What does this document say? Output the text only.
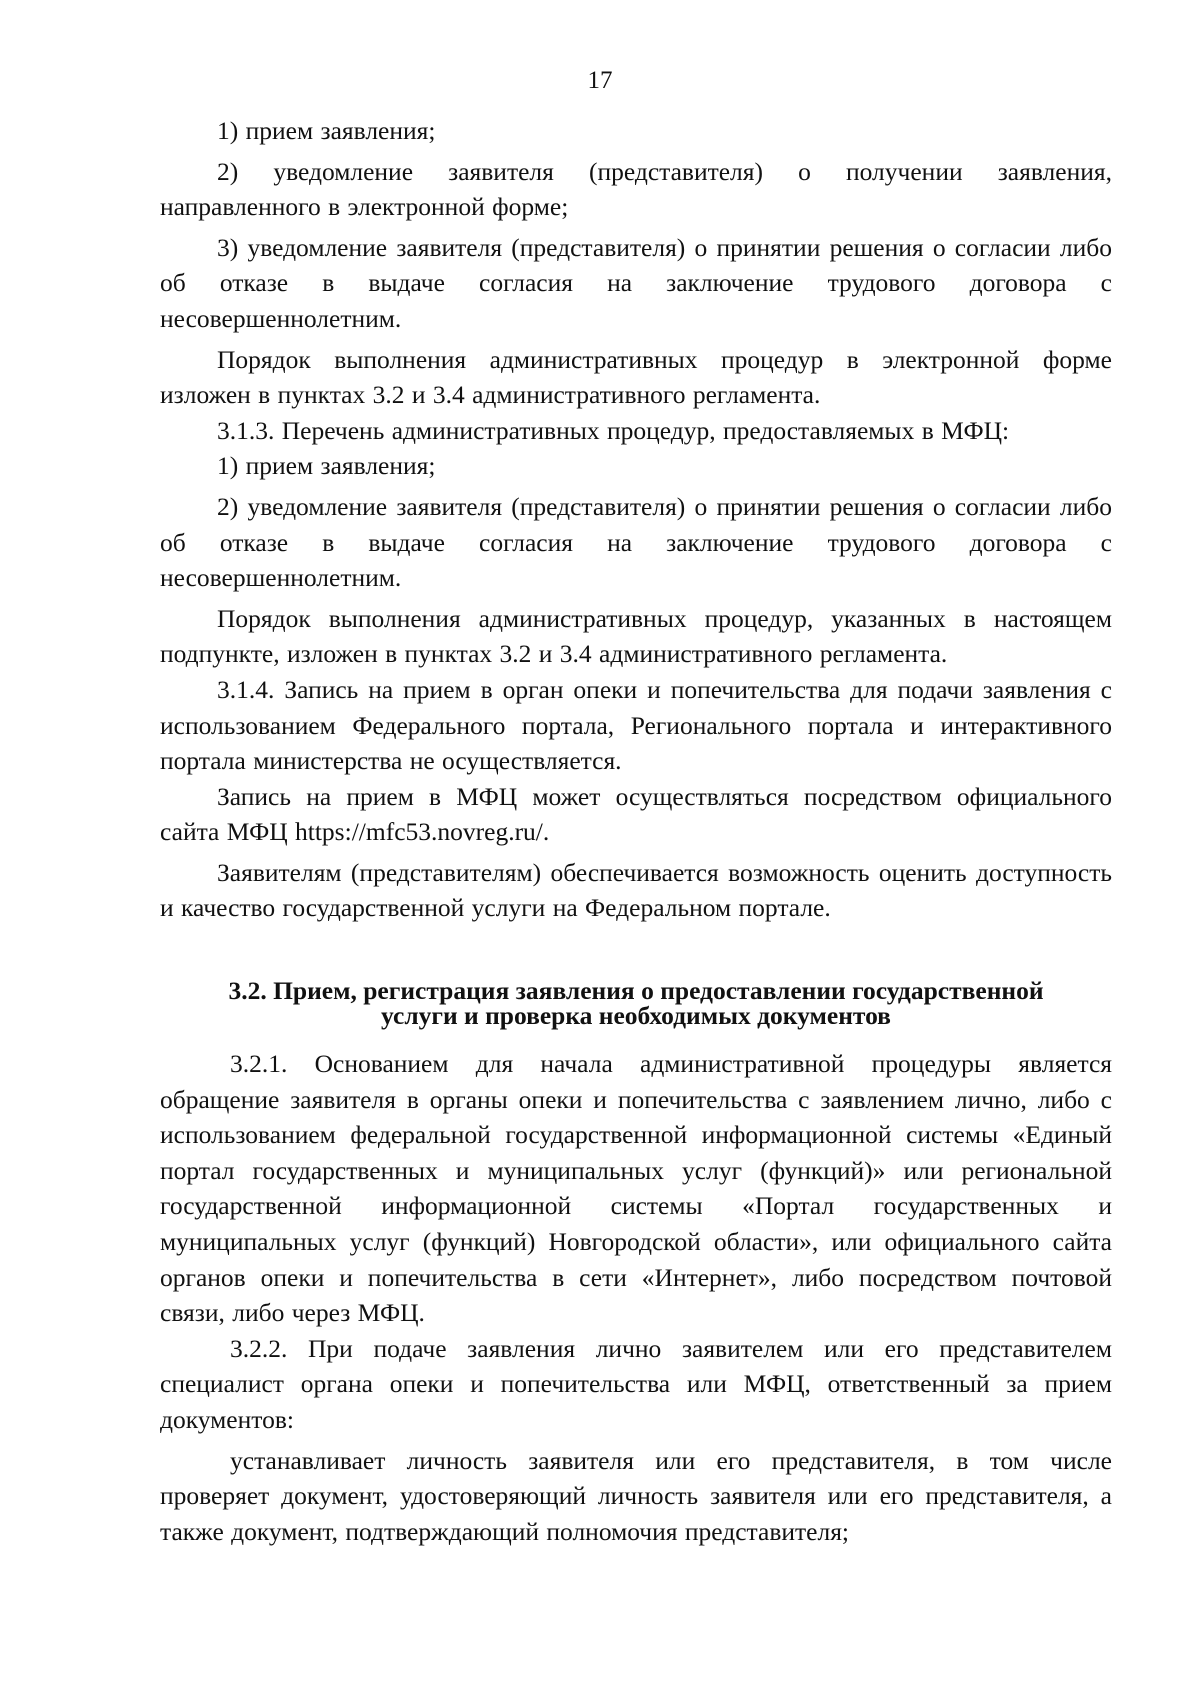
17

1) прием заявления;

2) уведомление заявителя (представителя) о получении заявления, направленного в электронной форме;

3) уведомление заявителя (представителя) о принятии решения о согласии либо об отказе в выдаче согласия на заключение трудового договора с несовершеннолетним.

Порядок выполнения административных процедур в электронной форме изложен в пунктах 3.2 и 3.4 административного регламента.

3.1.3. Перечень административных процедур, предоставляемых в МФЦ:

1) прием заявления;

2) уведомление заявителя (представителя) о принятии решения о согласии либо об отказе в выдаче согласия на заключение трудового договора с несовершеннолетним.

Порядок выполнения административных процедур, указанных в настоящем подпункте, изложен в пунктах 3.2 и 3.4 административного регламента.

3.1.4. Запись на прием в орган опеки и попечительства для подачи заявления с использованием Федерального портала, Регионального портала и интерактивного портала министерства не осуществляется.

Запись на прием в МФЦ может осуществляться посредством официального сайта МФЦ https://mfc53.novreg.ru/.

Заявителям (представителям) обеспечивается возможность оценить доступность и качество государственной услуги на Федеральном портале.

3.2. Прием, регистрация заявления о предоставлении государственной услуги и проверка необходимых документов

3.2.1. Основанием для начала административной процедуры является обращение заявителя в органы опеки и попечительства с заявлением лично, либо с использованием федеральной государственной информационной системы «Единый портал государственных и муниципальных услуг (функций)» или региональной государственной информационной системы «Портал государственных и муниципальных услуг (функций) Новгородской области», или официального сайта органов опеки и попечительства в сети «Интернет», либо посредством почтовой связи, либо через МФЦ.

3.2.2. При подаче заявления лично заявителем или его представителем специалист органа опеки и попечительства или МФЦ, ответственный за прием документов:

устанавливает личность заявителя или его представителя, в том числе проверяет документ, удостоверяющий личность заявителя или его представителя, а также документ, подтверждающий полномочия представителя;
